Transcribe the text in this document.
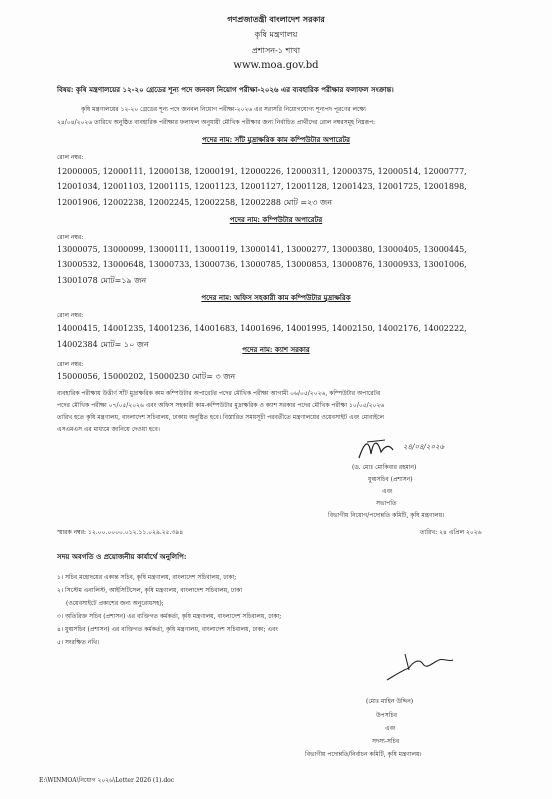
গণপ্রজাতন্ত্রী বাংলাদেশ সরকার
কৃষি মন্ত্রণালয়
প্রশাসন-১ শাখা
www.moa.gov.bd
বিষয়: কৃষি মন্ত্রণালয়ের ১২-২০ গ্রেডের শূন্য পদে জনবল নিয়োগ পরীক্ষা-২০২৬ এর ব্যবহারিক পরীক্ষার ফলাফল সংক্রান্ত।
কৃষি মন্ত্রণালয়ের ১২-২০ গ্রেডের শূন্য পদে জনবল নিয়োগ পরীক্ষা-২০২৬ এর সরাসরি নিয়োগযোগ্য শূন্যপদ পূরণের লক্ষ্যে
২৪/০৪/২০২৬ তারিখে অনুষ্ঠিত ব্যবহারিক পরীক্ষার ফলাফল অনুযায়ী মৌখিক পরীক্ষার জন্য নির্বাচিত প্রার্থীদের রোল নম্বরসমূহ নিম্নরূপ:
পদের নাম: সাঁট মুদ্রাক্ষরিক কাম কম্পিউটার অপারেটর
রোল নম্বর:
12000005, 12000111, 12000138, 12000191, 12000226, 12000311, 12000375, 12000514, 12000777,
12001034, 12001103, 12001115, 12001123, 12001127, 12001128, 12001423, 12001725, 12001898,
12001906, 12002238, 12002245, 12002258, 12002288 মোট =২৩ জন
পদের নাম: কম্পিউটার অপারেটর
রোল নম্বর:
13000075, 13000099, 13000111, 13000119, 13000141, 13000277, 13000380, 13000405, 13000445,
13000532, 13000648, 13000733, 13000736, 13000785, 13000853, 13000876, 13000933, 13001006,
13001078 মোট=১৯ জন
পদের নাম: অফিস সহকারী কাম কম্পিউটার মুদ্রাক্ষরিক
রোল নম্বর:
14000415, 14001235, 14001236, 14001683, 14001696, 14001995, 14002150, 14002176, 14002222,
14002384 মোট= ১০ জন
পদের নাম: ক্যাশ সরকার
রোল নম্বর:
15000056, 15000202, 15000230 মোট= ৩ জন
ব্যবহারিক পরীক্ষায় উত্তীর্ণ সাঁট মুদ্রাক্ষরিক কাম কম্পিউটার অপারেটর পদের মৌখিক পরীক্ষা আগামী ০৬/০৫/২০২৬, কম্পিউটার অপারেটর
পদের মৌখিক পরীক্ষা ০৭/০৫/২০২৬ এবং অফিস সহকারী কাম-কম্পিউটার মুদ্রাক্ষরিক ও ক্যাশ সরকার পদের মৌখিক পরীক্ষা ১০/০৫/২০২৬
তারিখ হতে কৃষি মন্ত্রণালয়, বাংলাদেশ সচিবালয়, ঢাকায় অনুষ্ঠিত হবে। বিস্তারিত সময়সূচী পরবর্তীতে মন্ত্রণালয়ের ওয়েবসাইট এবং মোবাইলে
এসএমএস এর মাধ্যমে জানিয়ে দেওয়া হবে।
২৪/০৪/২০২৬
(ড. মোঃ মোকিবার রহমান)
যুগ্মসচিব (প্রশাসন)
এবং
সভাপতি
বিভাগীয় নিয়োগ/পদোন্নতি কমিটি, কৃষি মন্ত্রণালয়।
স্মারক নম্বর: ১২.০০.০০০০.০১২.১১.০২৯.২৫.৩৯৪	তারিখ: ২৪ এপ্রিল ২০২৬
সদয় অবগতি ও প্রয়োজনীয় কার্যার্থে অনুলিপি:
১। সচিব মহোদয়ের একান্ত সচিব, কৃষি মন্ত্রণালয়, বাংলাদেশ সচিবালয়, ঢাকা;
২। সিস্টেম এনালিস্ট, আইসিটিসেল, কৃষি মন্ত্রণালয়, বাংলাদেশ সচিবালয়, ঢাকা
(ওয়েবসাইটে প্রকাশের জন্য অনুরোধসহ);
৩। অতিরিক্ত সচিব (প্রশাসন) এর ব্যক্তিগত কর্মকর্তা, কৃষি মন্ত্রণালয়, বাংলাদেশ সচিবালয়, ঢাকা;
৪। যুগ্মসচিব (প্রশাসন) এর ব্যক্তিগত কর্মকর্তা, কৃষি মন্ত্রণালয়, বাংলাদেশ সচিবালয়, ঢাকা; এবং
৫। সংরক্ষিত নথি।
(মোঃ মাহিন উদ্দিন)
উপসচিব
এবং
সদস্য-সচিব
বিভাগীয় পদোন্নতি/নির্বাচন কমিটি, কৃষি মন্ত্রণালয়।
E:\WINMOA\নিয়োগ ২০২৬\Letter 2026 (1).doc
